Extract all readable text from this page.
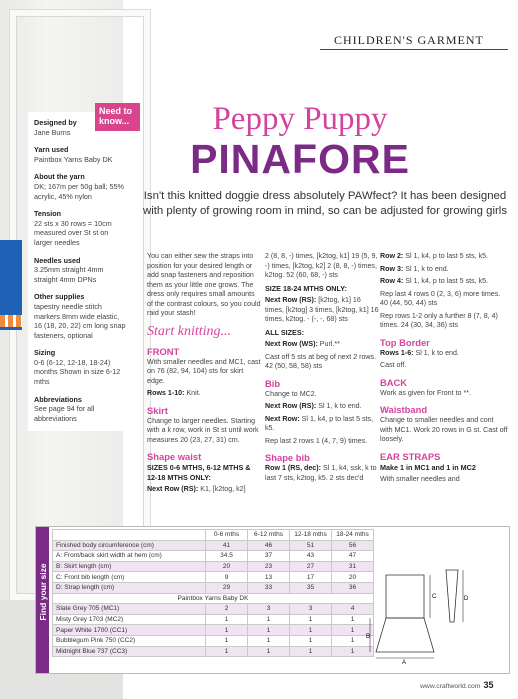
Designed by
Jane Burns
Yarn used
Paintbox Yarns Baby DK
About the yarn
DK; 167m per 50g ball; 55% acrylic, 45% nylon
Tension
22 sts x 30 rows = 10cm measured over St st on larger needles
Needles used
3.25mm straight 4mm straight 4mm DPNs
Other supplies
tapestry needle stitch markers 8mm wide elastic, 16 (18, 20, 22) cm long snap fasteners, optional
Sizing
0-6 (6-12, 12-18, 18-24) months Shown in size 6-12 mths
Abbreviations
See page 94 for all abbreviations
Need to know...
CHILDREN'S GARMENT
Peppy Puppy
PINAFORE
Isn't this knitted doggie dress absolutely PAWfect? It has been designed with plenty of growing room in mind, so can be adjusted for growing girls

You can either sew the straps into position for your desired length or add snap fasteners and reposition them as your little one grows. The dress only requires small amounts of the contrast colours, so you could raid your stash!

Start knitting...
FRONT

With smaller needles and MC1, cast on 76 (82, 94, 104) sts for skirt edge.

Rows 1-10: Knit.

Skirt

Change to larger needles. Starting with a k row, work in St st until work measures 20 (23, 27, 31) cm.

Shape waist

SIZES 0-6 MTHS, 6-12 MTHS & 12-18 MTHS ONLY:

Next Row (RS): K1, [k2tog, k2]

2 (8, 8, -) times, [k2tog, k1] 19 (5, 9, -) times, [k2tog, k2] 2 (8, 8, -) times, k2tog. 52 (60, 68, -) sts

SIZE 18-24 MTHS ONLY:

Next Row (RS): [k2tog, k1] 16 times, [k2tog] 3 times, [k2tog, k1] 16 times, k2tog. - (-, -, 68) sts

ALL SIZES:

Next Row (WS): Purl.**

Cast off 5 sts at beg of next 2 rows. 42 (50, 58, 58) sts

Bib

Change to MC2.

Next Row (RS): Sl 1, k to end.

Next Row: Sl 1, k4, p to last 5 sts, k5.

Rep last 2 rows 1 (4, 7, 9) times.

Shape bib

Row 1 (RS, dec): Sl 1, k4, ssk, k to last 7 sts, k2tog, k5. 2 sts dec'd

Row 2: Sl 1, k4, p to last 5 sts, k5.

Row 3: Sl 1, k to end.

Row 4: Sl 1, k4, p to last 5 sts, k5.

Rep last 4 rows 0 (2, 3, 6) more times. 40 (44, 50, 44) sts

Rep rows 1-2 only a further 8 (7, 8, 4) times. 24 (30, 34, 36) sts

Top Border

Rows 1-6: Sl 1, k to end.

Cast off.

BACK

Work as given for Front to **.

Waistband

Change to smaller needles and cont with MC1. Work 20 rows in G st. Cast off loosely.

EAR STRAPS

Make 1 in MC1 and 1 in MC2

With smaller needles and

Find your size
	0-6 mths	6-12 mths	12-18 mths	18-24 mths
Finished body circumference (cm)	41	46	51	56
A: Front/back skirt width at hem (cm)	34.5	37	43	47
B: Skirt length (cm)	20	23	27	31
C: Front bib length (cm)	9	13	17	20
D: Strap length (cm)	29	33	35	36
Paintbox Yarns Baby DK				
Slate Grey 705 (MC1)	2	3	3	4
Misty Grey 1703 (MC2)	1	1	1	1
Paper White 1700 (CC1)	1	1	1	1
Bubblegum Pink 750 (CC2)	1	1	1	1
Midnight Blue 737 (CC3)	1	1	1	1
A
B
C	D
www.craftworld.com 35
